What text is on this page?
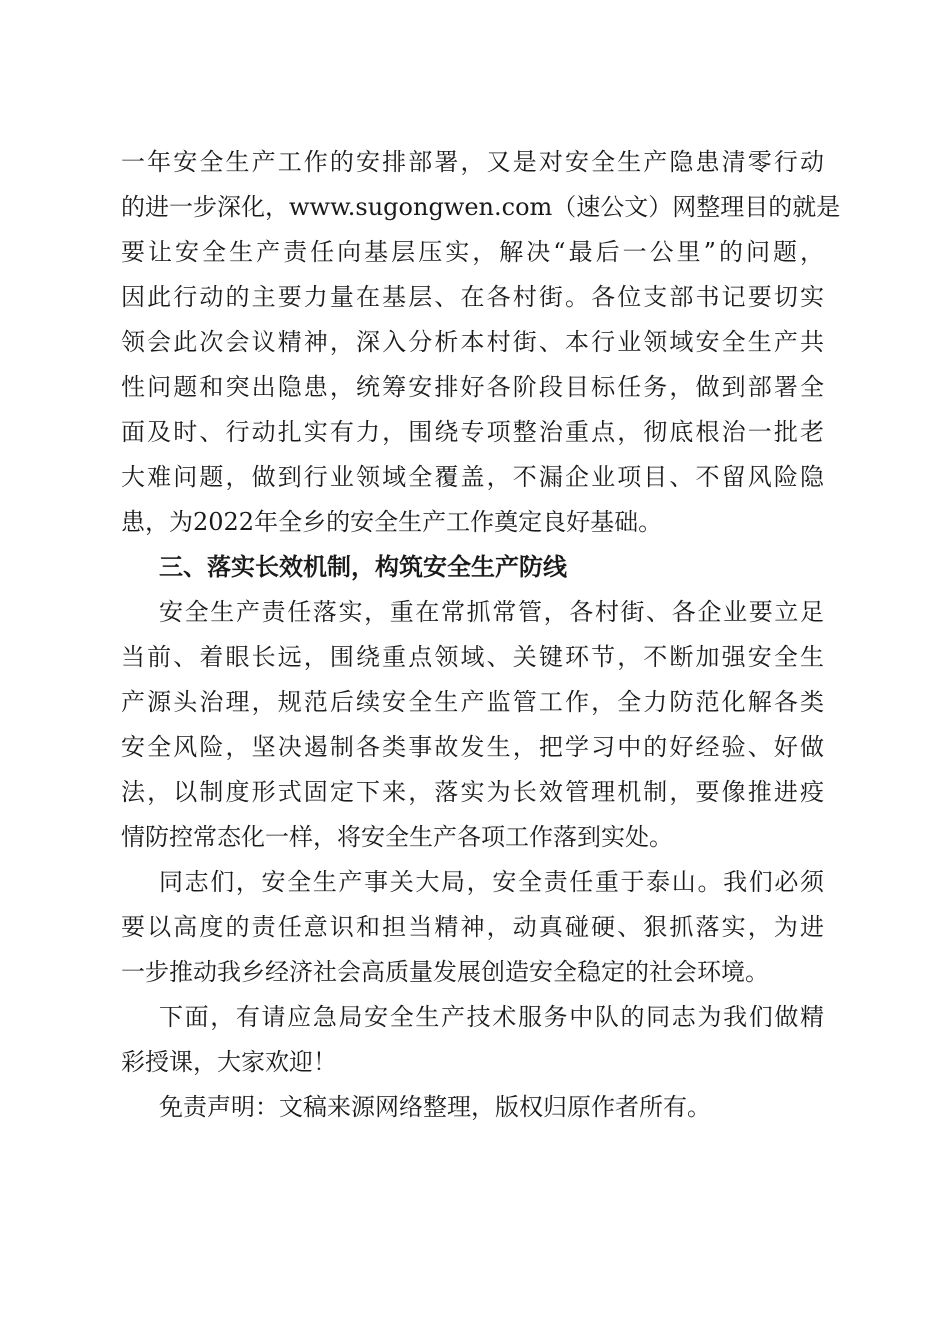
一年安全生产工作的安排部署，又是对安全生产隐患清零行动
的进一步深化，www.sugongwen.com（速公文）网整理目的就是
要让安全生产责任向基层压实，解决“最后一公里”的问题，
因此行动的主要力量在基层、在各村街。各位支部书记要切实
领会此次会议精神，深入分析本村街、本行业领域安全生产共
性问题和突出隐患，统筹安排好各阶段目标任务，做到部署全
面及时、行动扎实有力，围绕专项整治重点，彻底根治一批老
大难问题，做到行业领域全覆盖，不漏企业项目、不留风险隐
患，为2022年全乡的安全生产工作奠定良好基础。
三、落实长效机制，构筑安全生产防线
安全生产责任落实，重在常抓常管，各村街、各企业要立足
当前、着眼长远，围绕重点领域、关键环节，不断加强安全生
产源头治理，规范后续安全生产监管工作，全力防范化解各类
安全风险，坚决遏制各类事故发生，把学习中的好经验、好做
法，以制度形式固定下来，落实为长效管理机制，要像推进疫
情防控常态化一样，将安全生产各项工作落到实处。
同志们，安全生产事关大局，安全责任重于泰山。我们必须
要以高度的责任意识和担当精神，动真碰硬、狠抓落实，为进
一步推动我乡经济社会高质量发展创造安全稳定的社会环境。
下面，有请应急局安全生产技术服务中队的同志为我们做精
彩授课，大家欢迎！
免责声明：文稿来源网络整理，版权归原作者所有。
